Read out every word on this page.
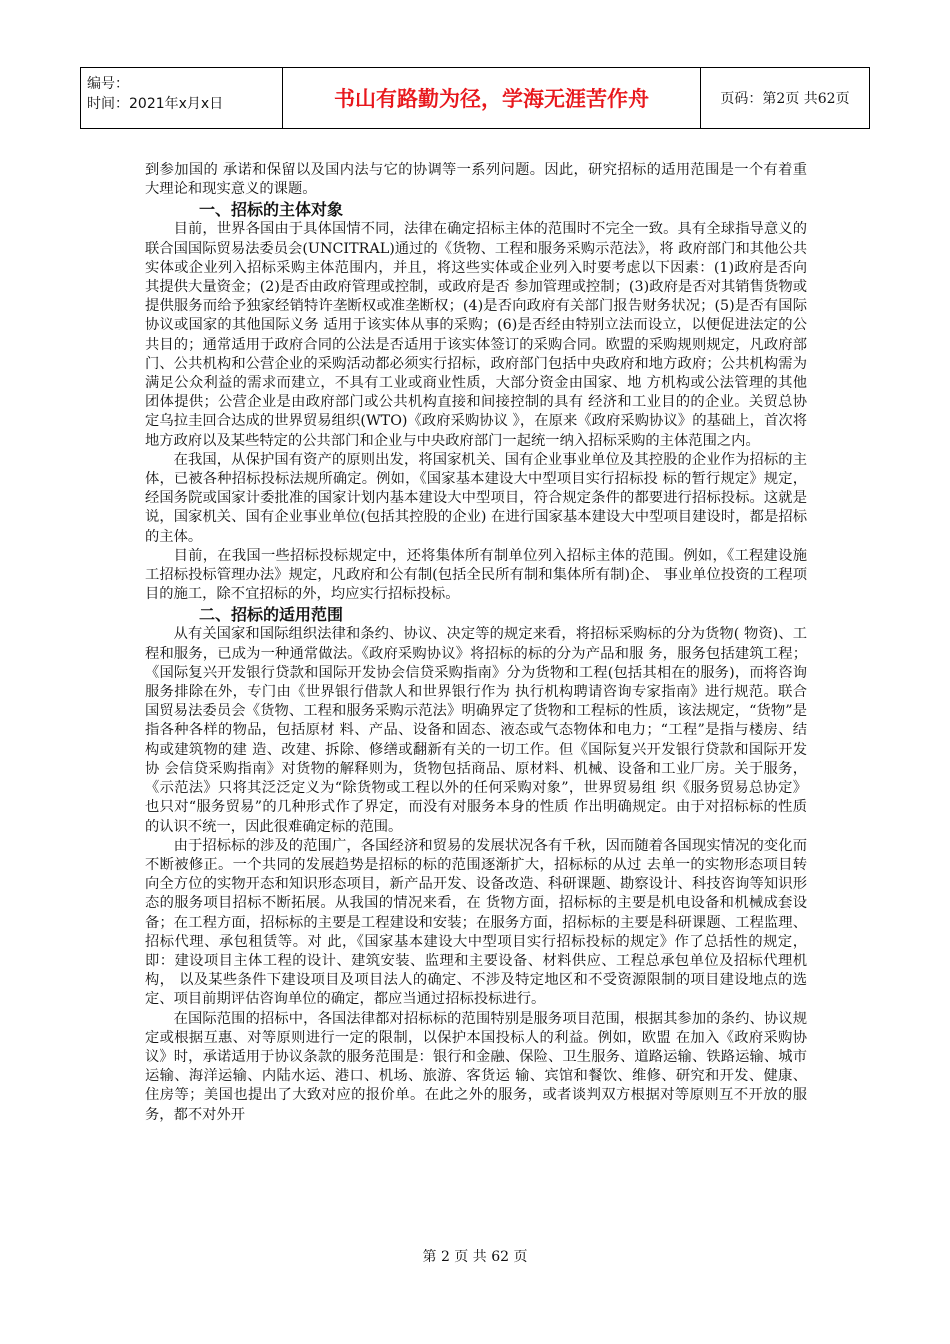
编号：
时间：2021年x月x日	书山有路勤为径，学海无涯苦作舟	页码：第2页 共62页

到参加国的 承诺和保留以及国内法与它的协调等一系列问题。因此，研究招标的适用范围是一个有着重大理论和现实意义的课题。

一、招标的主体对象

目前，世界各国由于具体国情不同，法律在确定招标主体的范围时不完全一致。具有全球指导意义的联合国国际贸易法委员会(UNCITRAL)通过的《货物、工程和服务采购示范法》，将 政府部门和其他公共实体或企业列入招标采购主体范围内，并且，将这些实体或企业列入时要考虑以下因素：(1)政府是否向其提供大量资金；(2)是否由政府管理或控制，或政府是否 参加管理或控制；(3)政府是否对其销售货物或提供服务而给予独家经销特许垄断权或准垄断权；(4)是否向政府有关部门报告财务状况；(5)是否有国际协议或国家的其他国际义务 适用于该实体从事的采购；(6)是否经由特别立法而设立，以便促进法定的公共目的；通常适用于政府合同的公法是否适用于该实体签订的采购合同。欧盟的采购规则规定，凡政府部 门、公共机构和公营企业的采购活动都必须实行招标，政府部门包括中央政府和地方政府；公共机构需为满足公众利益的需求而建立，不具有工业或商业性质，大部分资金由国家、地 方机构或公法管理的其他团体提供；公营企业是由政府部门或公共机构直接和间接控制的具有 经济和工业目的的企业。关贸总协定乌拉圭回合达成的世界贸易组织(WTO)《政府采购协议 》，在原来《政府采购协议》的基础上，首次将地方政府以及某些特定的公共部门和企业与中央政府部门一起统一纳入招标采购的主体范围之内。

在我国，从保护国有资产的原则出发，将国家机关、国有企业事业单位及其控股的企业作为招标的主体，已被各种招标投标法规所确定。例如，《国家基本建设大中型项目实行招标投 标的暂行规定》规定，经国务院或国家计委批准的国家计划内基本建设大中型项目，符合规定条件的都要进行招标投标。这就是说，国家机关、国有企业事业单位(包括其控股的企业) 在进行国家基本建设大中型项目建设时，都是招标的主体。

目前，在我国一些招标投标规定中，还将集体所有制单位列入招标主体的范围。例如，《工程建设施工招标投标管理办法》规定，凡政府和公有制(包括全民所有制和集体所有制)企、 事业单位投资的工程项目的施工，除不宜招标的外，均应实行招标投标。

二、招标的适用范围

从有关国家和国际组织法律和条约、协议、决定等的规定来看，将招标采购标的分为货物( 物资)、工程和服务，已成为一种通常做法。《政府采购协议》将招标的标的分为产品和服 务，服务包括建筑工程；《国际复兴开发银行贷款和国际开发协会信贷采购指南》分为货物和工程(包括其相在的服务)，而将咨询服务排除在外，专门由《世界银行借款人和世界银行作为 执行机构聘请咨询专家指南》进行规范。联合国贸易法委员会《货物、工程和服务采购示范法》明确界定了货物和工程标的性质，该法规定，“货物”是指各种各样的物品，包括原材 料、产品、设备和固态、液态或气态物体和电力；“工程”是指与楼房、结构或建筑物的建 造、改建、拆除、修缮或翻新有关的一切工作。但《国际复兴开发银行贷款和国际开发协 会信贷采购指南》对货物的解释则为，货物包括商品、原材料、机械、设备和工业厂房。关于服务，《示范法》只将其泛泛定义为“除货物或工程以外的任何采购对象”，世界贸易组 织《服务贸易总协定》也只对“服务贸易”的几种形式作了界定，而没有对服务本身的性质 作出明确规定。由于对招标标的性质的认识不统一，因此很难确定标的范围。

由于招标标的涉及的范围广，各国经济和贸易的发展状况各有千秋，因而随着各国现实情况的变化而不断被修正。一个共同的发展趋势是招标的标的范围逐渐扩大，招标标的从过 去单一的实物形态项目转向全方位的实物开态和知识形态项目，新产品开发、设备改造、科研课题、勘察设计、科技咨询等知识形态的服务项目招标不断拓展。从我国的情况来看，在 货物方面，招标标的主要是机电设备和机械成套设备；在工程方面，招标标的主要是工程建设和安装；在服务方面，招标标的主要是科研课题、工程监理、招标代理、承包租赁等。对 此，《国家基本建设大中型项目实行招标投标的规定》作了总括性的规定，即：建设项目主体工程的设计、建筑安装、监理和主要设备、材料供应、工程总承包单位及招标代理机构， 以及某些条件下建设项目及项目法人的确定、不涉及特定地区和不受资源限制的项目建设地点的选定、项目前期评估咨询单位的确定，都应当通过招标投标进行。

在国际范围的招标中，各国法律都对招标标的范围特别是服务项目范围，根据其参加的条约、协议规定或根据互惠、对等原则进行一定的限制，以保护本国投标人的利益。例如，欧盟 在加入《政府采购协议》时，承诺适用于协议条款的服务范围是：银行和金融、保险、卫生服务、道路运输、铁路运输、城市运输、海洋运输、内陆水运、港口、机场、旅游、客货运 输、宾馆和餐饮、维修、研究和开发、健康、住房等；美国也提出了大致对应的报价单。在此之外的服务，或者谈判双方根据对等原则互不开放的服务，都不对外开

第 2 页 共 62 页
